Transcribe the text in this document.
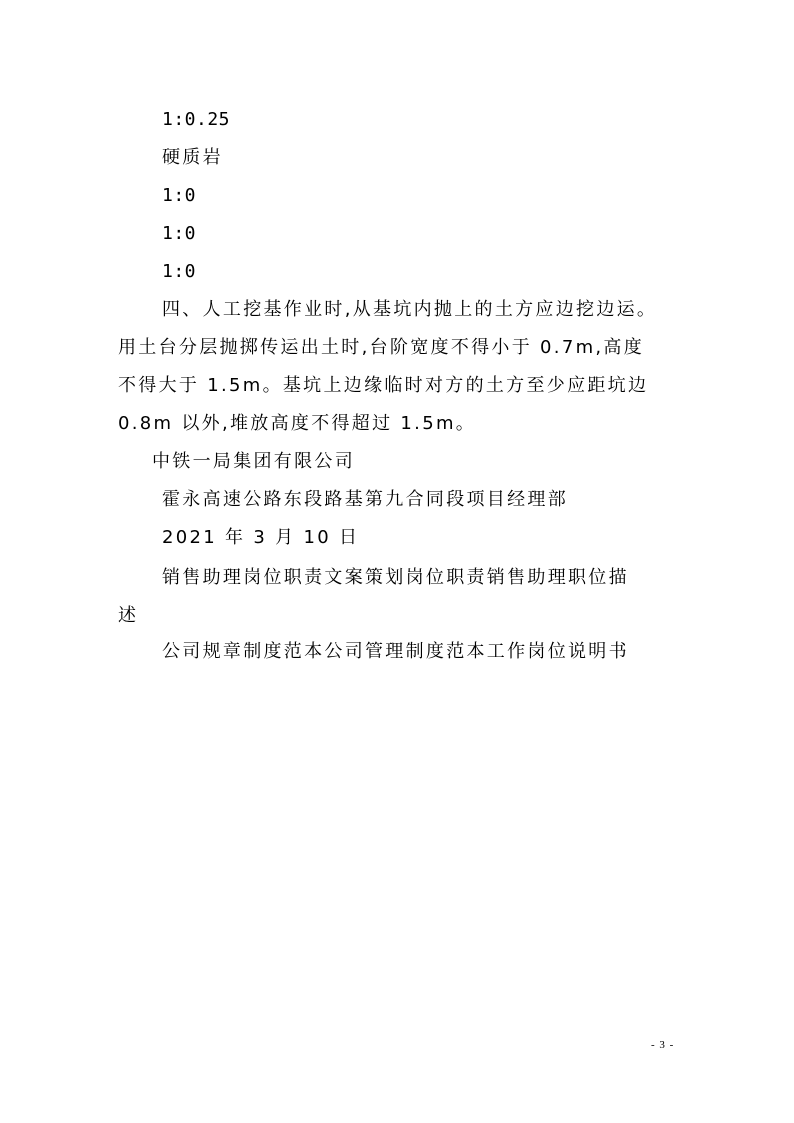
1:0.25
硬质岩
1:0
1:0
1:0
四、人工挖基作业时,从基坑内抛上的土方应边挖边运。
用土台分层抛掷传运出土时,台阶宽度不得小于 0.7m,高度
不得大于 1.5m。基坑上边缘临时对方的土方至少应距坑边
0.8m 以外,堆放高度不得超过 1.5m。
中铁一局集团有限公司
霍永高速公路东段路基第九合同段项目经理部
2021 年 3 月 10 日
销售助理岗位职责文案策划岗位职责销售助理职位描
述
公司规章制度范本公司管理制度范本工作岗位说明书
- 3 -
